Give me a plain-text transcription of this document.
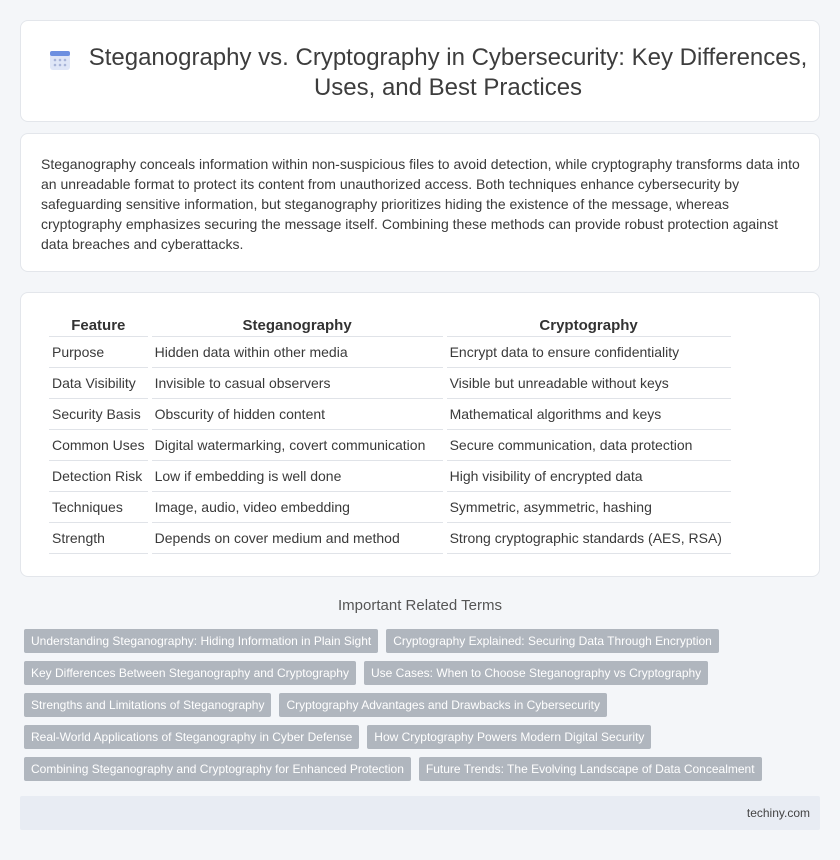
Steganography vs. Cryptography in Cybersecurity: Key Differences, Uses, and Best Practices

Steganography conceals information within non-suspicious files to avoid detection, while cryptography transforms data into an unreadable format to protect its content from unauthorized access. Both techniques enhance cybersecurity by safeguarding sensitive information, but steganography prioritizes hiding the existence of the message, whereas cryptography emphasizes securing the message itself. Combining these methods can provide robust protection against data breaches and cyberattacks.

Feature	Steganography	Cryptography
Purpose	Hidden data within other media	Encrypt data to ensure confidentiality
Data Visibility	Invisible to casual observers	Visible but unreadable without keys
Security Basis	Obscurity of hidden content	Mathematical algorithms and keys
Common Uses	Digital watermarking, covert communication	Secure communication, data protection
Detection Risk	Low if embedding is well done	High visibility of encrypted data
Techniques	Image, audio, video embedding	Symmetric, asymmetric, hashing
Strength	Depends on cover medium and method	Strong cryptographic standards (AES, RSA)
Important Related Terms
Understanding Steganography: Hiding Information in Plain Sight	Cryptography Explained: Securing Data Through Encryption
Key Differences Between Steganography and Cryptography	Use Cases: When to Choose Steganography vs Cryptography
Strengths and Limitations of Steganography	Cryptography Advantages and Drawbacks in Cybersecurity
Real-World Applications of Steganography in Cyber Defense	How Cryptography Powers Modern Digital Security
Combining Steganography and Cryptography for Enhanced Protection	Future Trends: The Evolving Landscape of Data Concealment
techiny.com
